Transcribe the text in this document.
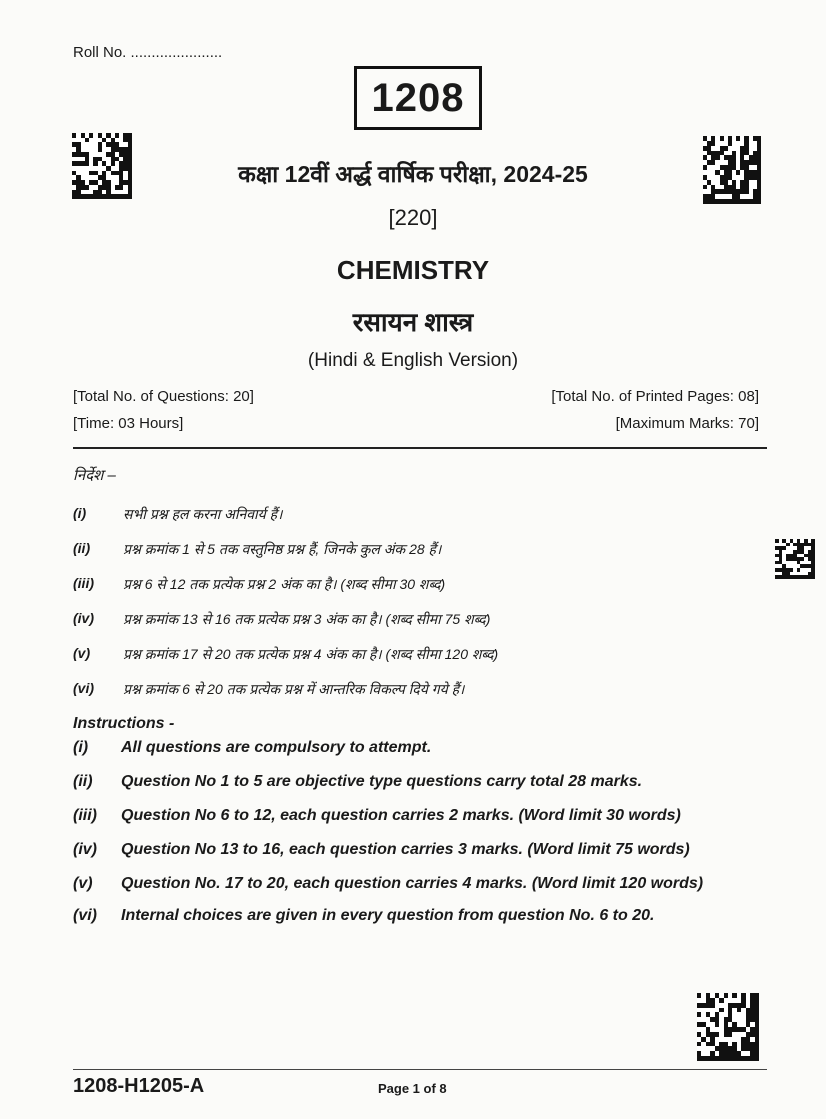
Roll No. ......................
1208
कक्षा 12वीं अर्द्ध वार्षिक परीक्षा, 2024-25
[220]
CHEMISTRY
रसायन शास्त्र
(Hindi & English Version)
[Total No. of Questions: 20]	[Total No. of Printed Pages: 08]
[Time: 03 Hours]	[Maximum Marks: 70]
निर्देश –
(i)	सभी प्रश्न हल करना अनिवार्य हैं।
(ii)	प्रश्न क्रमांक 1 से 5 तक वस्तुनिष्ठ प्रश्न हैं, जिनके कुल अंक 28 हैं।
(iii)	प्रश्न 6 से 12 तक प्रत्येक प्रश्न 2 अंक का है। (शब्द सीमा 30 शब्द)
(iv)	प्रश्न क्रमांक 13 से 16 तक प्रत्येक प्रश्न 3 अंक का है। (शब्द सीमा 75 शब्द)
(v)	प्रश्न क्रमांक 17 से 20 तक प्रत्येक प्रश्न 4 अंक का है। (शब्द सीमा 120 शब्द)
(vi)	प्रश्न क्रमांक 6 से 20 तक प्रत्येक प्रश्न में आन्तरिक विकल्प दिये गये हैं।
Instructions -
(i)	All questions are compulsory to attempt.
(ii)	Question No 1 to 5 are objective type questions carry total 28 marks.
(iii)	Question No 6 to 12, each question carries 2 marks. (Word limit 30 words)
(iv)	Question No 13 to 16, each question carries 3 marks. (Word limit 75 words)
(v)	Question No. 17 to 20, each question carries 4 marks. (Word limit 120 words)
(vi)	Internal choices are given in every question from question No. 6 to 20.
1208-H1205-A	Page 1 of 8
